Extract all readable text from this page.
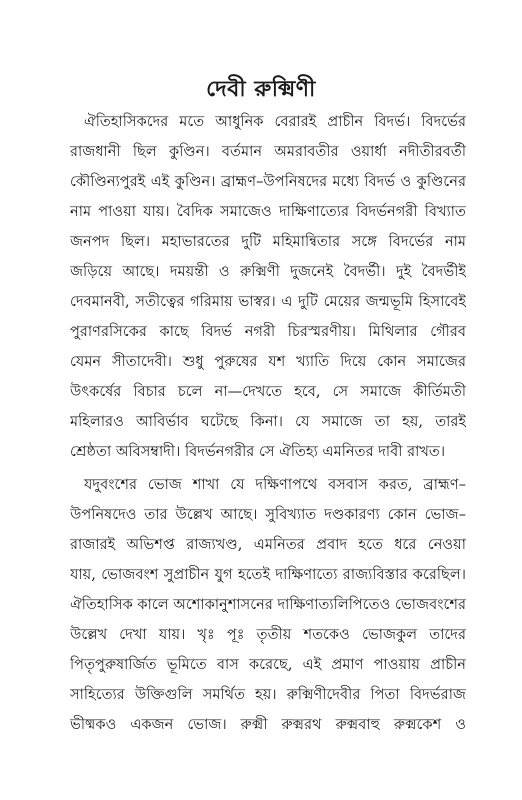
দেবী রুক্মিণী
ঐতিহাসিকদের মতে আধুনিক বেরারই প্রাচীন বিদর্ভ। বিদর্ভের
রাজধানী ছিল কুণ্ডিন। বর্তমান অমরাবতীর ওয়ার্ধা নদীতীরবর্তী
কৌণ্ডিন্যপুরই এই কুণ্ডিন। ব্রাহ্মণ–উপনিষদের মধ্যে বিদর্ভ ও কুণ্ডিনের
নাম পাওয়া যায়। বৈদিক সমাজেও দাক্ষিণাত্যের বিদর্ভনগরী বিখ্যাত
জনপদ ছিল। মহাভারতের দুটি মহিমান্বিতার সঙ্গে বিদর্ভের নাম
জড়িয়ে আছে। দময়ন্তী ও রুক্মিণী দুজনেই বৈদর্ভী। দুই বৈদর্ভীই
দেবমানবী, সতীত্বের গরিমায় ভাস্বর। এ দুটি মেয়ের জন্মভূমি হিসাবেই
পুরাণরসিকের কাছে বিদর্ভ নগরী চিরস্মরণীয়। মিথিলার গৌরব
যেমন সীতাদেবী। শুধু পুরুষের যশ খ্যাতি দিয়ে কোন সমাজের
উৎকর্ষের বিচার চলে না—দেখতে হবে, সে সমাজে কীর্তিমতী
মহিলারও আবির্ভাব ঘটেছে কিনা। যে সমাজে তা হয়, তারই
শ্রেষ্ঠতা অবিসম্বাদী। বিদর্ভনগরীর সে ঐতিহ্য এমনিতর দাবী রাখত।
যদুবংশের ভোজ শাখা যে দক্ষিণাপথে বসবাস করত, ব্রাহ্মণ–
উপনিষদেও তার উল্লেখ আছে। সুবিখ্যাত দণ্ডকারণ্য কোন ভোজ–
রাজারই অভিশপ্ত রাজ্যখণ্ড, এমনিতর প্রবাদ হতে ধরে নেওয়া
যায়, ভোজবংশ সুপ্রাচীন যুগ হতেই দাক্ষিণাত্যে রাজ্যবিস্তার করেছিল।
ঐতিহাসিক কালে অশোকানুশাসনের দাক্ষিণাত্যলিপিতেও ভোজবংশের
উল্লেখ দেখা যায়। খৃঃ পূঃ তৃতীয় শতকেও ভোজকুল তাদের
পিতৃপুরুষার্জিত ভূমিতে বাস করেছে, এই প্রমাণ পাওয়ায় প্রাচীন
সাহিত্যের উক্তিগুলি সমর্থিত হয়। রুক্মিণীদেবীর পিতা বিদর্ভরাজ
ভীষ্মকও একজন ভোজ। রুক্মী রুক্মরথ রুক্মবাহু রুক্মকেশ ও
